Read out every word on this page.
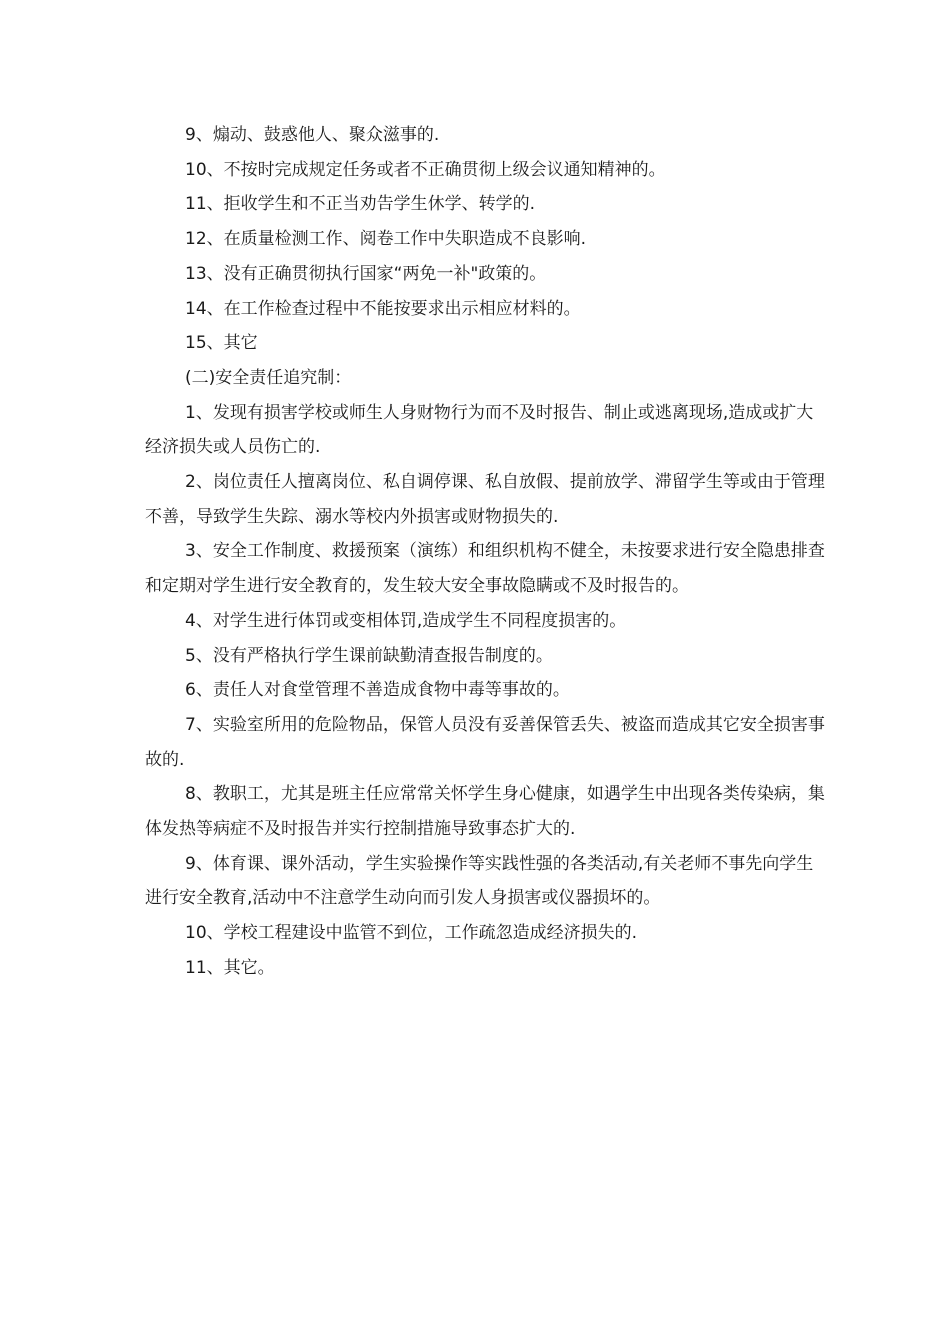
9、煽动、鼓惑他人、聚众滋事的.

10、不按时完成规定任务或者不正确贯彻上级会议通知精神的。

11、拒收学生和不正当劝告学生休学、转学的.

12、在质量检测工作、阅卷工作中失职造成不良影响.

13、没有正确贯彻执行国家“两免一补"政策的。

14、在工作检查过程中不能按要求出示相应材料的。

15、其它

(二)安全责任追究制：

1、发现有损害学校或师生人身财物行为而不及时报告、制止或逃离现场,造成或扩大经济损失或人员伤亡的.

2、岗位责任人擅离岗位、私自调停课、私自放假、提前放学、滞留学生等或由于管理不善，导致学生失踪、溺水等校内外损害或财物损失的.

3、安全工作制度、救援预案（演练）和组织机构不健全，未按要求进行安全隐患排查和定期对学生进行安全教育的，发生较大安全事故隐瞒或不及时报告的。

4、对学生进行体罚或变相体罚,造成学生不同程度损害的。

5、没有严格执行学生课前缺勤清查报告制度的。

6、责任人对食堂管理不善造成食物中毒等事故的。

7、实验室所用的危险物品，保管人员没有妥善保管丢失、被盗而造成其它安全损害事故的.

8、教职工，尤其是班主任应常常关怀学生身心健康，如遇学生中出现各类传染病，集体发热等病症不及时报告并实行控制措施导致事态扩大的.

9、体育课、课外活动，学生实验操作等实践性强的各类活动,有关老师不事先向学生进行安全教育,活动中不注意学生动向而引发人身损害或仪器损坏的。

10、学校工程建设中监管不到位，工作疏忽造成经济损失的.

11、其它。
